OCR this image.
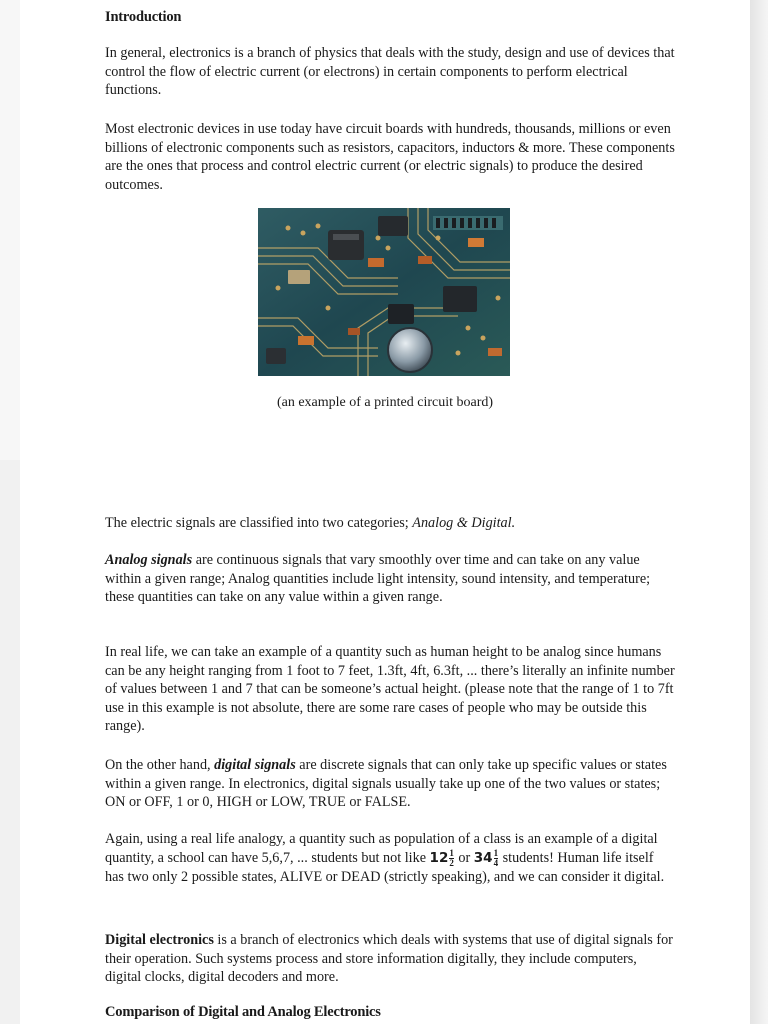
Introduction

In general, electronics is a branch of physics that deals with the study, design and use of devices that control the flow of electric current (or electrons) in certain components to perform electrical functions.

Most electronic devices in use today have circuit boards with hundreds, thousands, millions or even billions of electronic components such as resistors, capacitors, inductors & more. These components are the ones that process and control electric current (or electric signals) to produce the desired outcomes.

(an example of a printed circuit board)

The electric signals are classified into two categories; Analog & Digital.

Analog signals are continuous signals that vary smoothly over time and can take on any value within a given range; Analog quantities include light intensity, sound intensity, and temperature; these quantities can take on any value within a given range.

In real life, we can take an example of a quantity such as human height to be analog since humans can be any height ranging from 1 foot to 7 feet, 1.3ft, 4ft, 6.3ft, ... there’s literally an infinite number of values between 1 and 7 that can be someone’s actual height. (please note that the range of 1 to 7ft use in this example is not absolute, there are some rare cases of people who may be outside this range).

On the other hand, digital signals are discrete signals that can only take up specific values or states within a given range. In electronics, digital signals usually take up one of the two values or states; ON or OFF, 1 or 0, HIGH or LOW, TRUE or FALSE.

Again, using a real life analogy, a quantity such as population of a class is an example of a digital quantity, a school can have 5,6,7, ... students but not like $12 \frac{1}{2}$ or $34 \frac{1}{4}$ students! Human life itself has two only 2 possible states, ALIVE or DEAD (strictly speaking), and we can consider it digital.

Digital electronics is a branch of electronics which deals with systems that use of digital signals for their operation. Such systems process and store information digitally, they include computers, digital clocks, digital decoders and more.

Comparison of Digital and Analog Electronics
